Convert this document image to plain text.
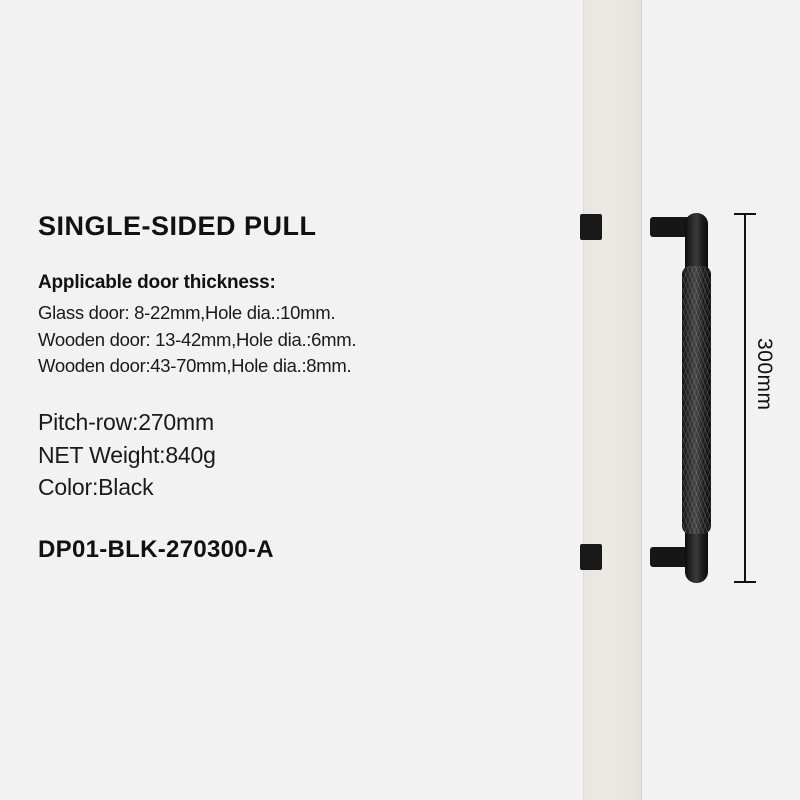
SINGLE-SIDED PULL
Applicable door thickness:
Glass door: 8-22mm,Hole dia.:10mm.
Wooden door: 13-42mm,Hole dia.:6mm.
Wooden door:43-70mm,Hole dia.:8mm.
Pitch-row:270mm
NET Weight:840g
Color:Black
DP01-BLK-270300-A
300mm
